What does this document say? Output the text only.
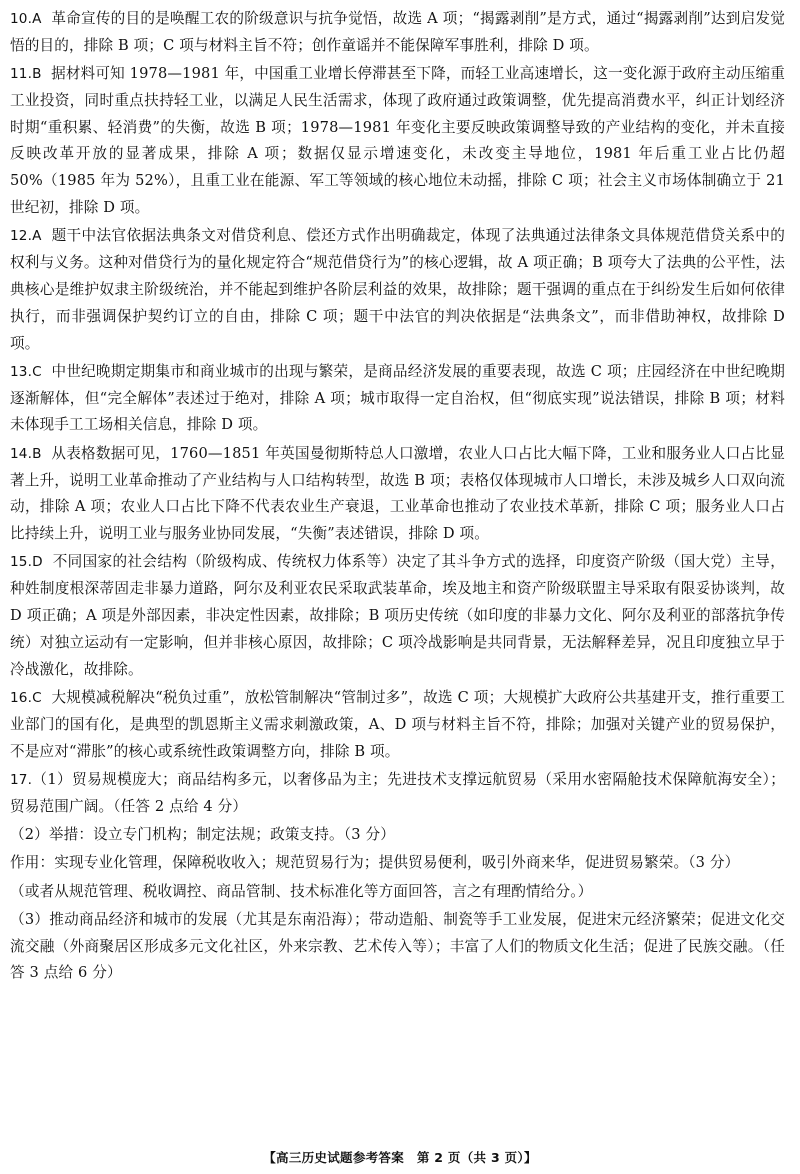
10.A 革命宣传的目的是唤醒工农的阶级意识与抗争觉悟，故选 A 项；“揭露剥削”是方式，通过“揭露剥削”达到启发觉悟的目的，排除 B 项；C 项与材料主旨不符；创作童谣并不能保障军事胜利，排除 D 项。

11.B 据材料可知 1978—1981 年，中国重工业增长停滞甚至下降，而轻工业高速增长，这一变化源于政府主动压缩重工业投资，同时重点扶持轻工业，以满足人民生活需求，体现了政府通过政策调整，优先提高消费水平，纠正计划经济时期“重积累、轻消费”的失衡，故选 B 项；1978—1981 年变化主要反映政策调整导致的产业结构的变化，并未直接反映改革开放的显著成果，排除 A 项；数据仅显示增速变化，未改变主导地位，1981 年后重工业占比仍超 50%（1985 年为 52%），且重工业在能源、军工等领域的核心地位未动摇，排除 C 项；社会主义市场体制确立于 21 世纪初，排除 D 项。

12.A 题干中法官依据法典条文对借贷利息、偿还方式作出明确裁定，体现了法典通过法律条文具体规范借贷关系中的权利与义务。这种对借贷行为的量化规定符合“规范借贷行为”的核心逻辑，故 A 项正确；B 项夸大了法典的公平性，法典核心是维护奴隶主阶级统治，并不能起到维护各阶层利益的效果，故排除；题干强调的重点在于纠纷发生后如何依律执行，而非强调保护契约订立的自由，排除 C 项；题干中法官的判决依据是“法典条文”，而非借助神权，故排除 D 项。

13.C 中世纪晚期定期集市和商业城市的出现与繁荣，是商品经济发展的重要表现，故选 C 项；庄园经济在中世纪晚期逐渐解体，但“完全解体”表述过于绝对，排除 A 项；城市取得一定自治权，但“彻底实现”说法错误，排除 B 项；材料未体现手工工场相关信息，排除 D 项。

14.B 从表格数据可见，1760—1851 年英国曼彻斯特总人口激增，农业人口占比大幅下降，工业和服务业人口占比显著上升，说明工业革命推动了产业结构与人口结构转型，故选 B 项；表格仅体现城市人口增长，未涉及城乡人口双向流动，排除 A 项；农业人口占比下降不代表农业生产衰退，工业革命也推动了农业技术革新，排除 C 项；服务业人口占比持续上升，说明工业与服务业协同发展，“失衡”表述错误，排除 D 项。

15.D 不同国家的社会结构（阶级构成、传统权力体系等）决定了其斗争方式的选择，印度资产阶级（国大党）主导，种姓制度根深蒂固走非暴力道路，阿尔及利亚农民采取武装革命，埃及地主和资产阶级联盟主导采取有限妥协谈判，故 D 项正确；A 项是外部因素，非决定性因素，故排除；B 项历史传统（如印度的非暴力文化、阿尔及利亚的部落抗争传统）对独立运动有一定影响，但并非核心原因，故排除；C 项冷战影响是共同背景，无法解释差异，况且印度独立早于冷战激化，故排除。

16.C 大规模减税解决“税负过重”，放松管制解决“管制过多”，故选 C 项；大规模扩大政府公共基建开支，推行重要工业部门的国有化，是典型的凯恩斯主义需求刺激政策，A、D 项与材料主旨不符，排除；加强对关键产业的贸易保护，不是应对“滞胀”的核心或系统性政策调整方向，排除 B 项。

17.（1）贸易规模庞大；商品结构多元，以奢侈品为主；先进技术支撑远航贸易（采用水密隔舱技术保障航海安全）；贸易范围广阔。（任答 2 点给 4 分）

（2）举措：设立专门机构；制定法规；政策支持。（3 分）

作用：实现专业化管理，保障税收收入；规范贸易行为；提供贸易便利，吸引外商来华，促进贸易繁荣。（3 分）

（或者从规范管理、税收调控、商品管制、技术标准化等方面回答，言之有理酌情给分。）

（3）推动商品经济和城市的发展（尤其是东南沿海）；带动造船、制瓷等手工业发展，促进宋元经济繁荣；促进文化交流交融（外商聚居区形成多元文化社区，外来宗教、艺术传入等）；丰富了人们的物质文化生活；促进了民族交融。（任答 3 点给 6 分）

【高三历史试题参考答案　第 2 页（共 3 页）】
